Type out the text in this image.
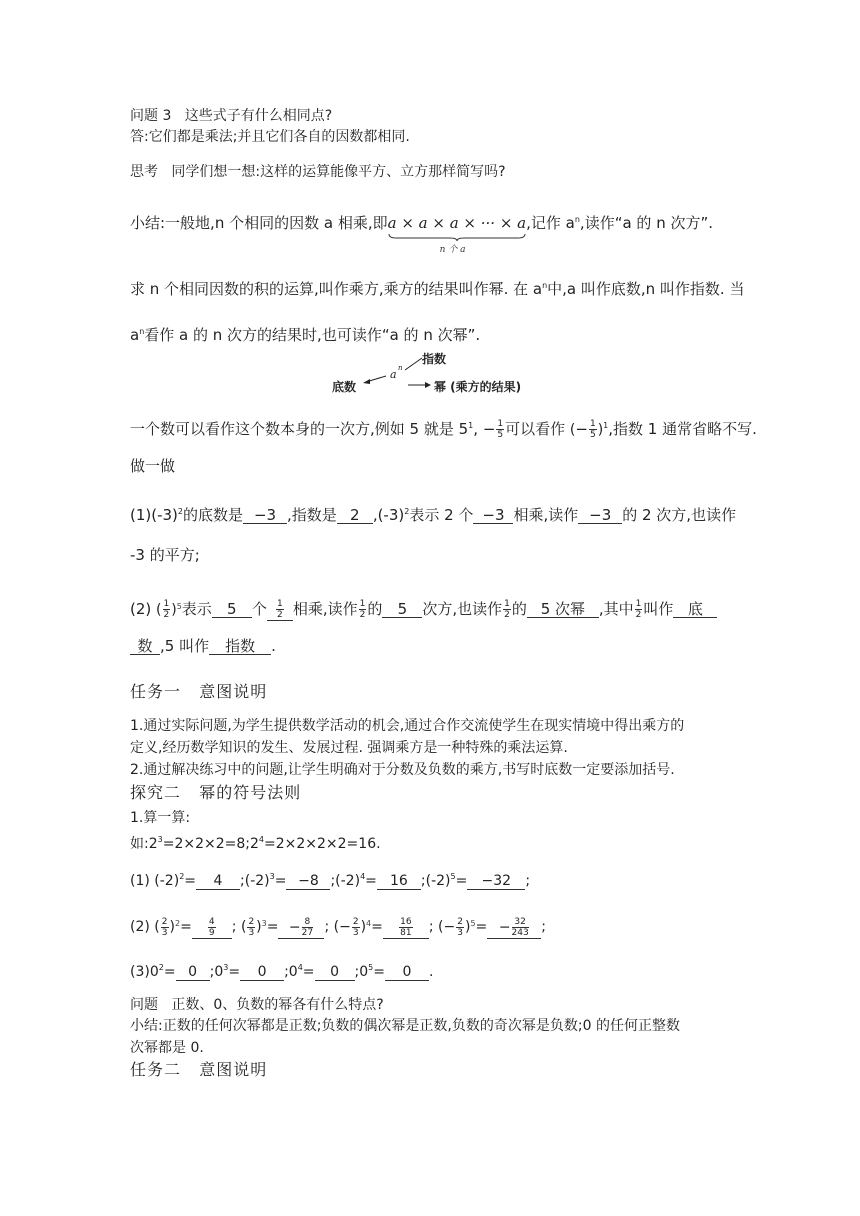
问题 3 这些式子有什么相同点?
答:它们都是乘法;并且它们各自的因数都相同.
思考 同学们想一想:这样的运算能像平方、立方那样简写吗?
小结:一般地,n 个相同的因数 a 相乘,即a × a × a × ··· × a
n 个 a
,记作 $a^n$,读作“a 的 n 次方”.
求 n 个相同因数的积的运算,叫作乘方,乘方的结果叫作幂. 在 $a^n$中,a 叫作底数,n 叫作指数. 当
$a^n$看作 a 的 n 次方的结果时,也可读作“a 的 n 次幂”.
指数
a n
底数	幂 (乘方的结果)
一个数可以看作这个数本身的一次方,例如 5 就是 $5^1$, − $\frac{1}{5}$ 可以看作 (− $\frac{1}{5} )^1$,指数 1 通常省略不写.
做一做
$(1)(-3)^2$的底数是 −3 ,指数是 2 $,(-3)^2$表示 2 个 −3 相乘,读作 −3 的 2 次方,也读作
-3 的平方;
(2) ( $\frac{1}{2} )^5$表示 5 个 $\frac{1}{2}$ 相乘,读作 $\frac{1}{2}$ 的 5 次方,也读作 $\frac{1}{2}$ 的 5 次幂 ,其中 $\frac{1}{2}$ 叫作 底
数 ,5 叫作 指数 .
任务一 意图说明
1.通过实际问题,为学生提供数学活动的机会,通过合作交流使学生在现实情境中得出乘方的
定义,经历数学知识的发生、发展过程. 强调乘方是一种特殊的乘法运算.
2.通过解决练习中的问题,让学生明确对于分数及负数的乘方,书写时底数一定要添加括号.
探究二 幂的符号法则
1.算一算:
如$:2^3=2\times 2\times 2=8;2^4=2\times 2\times 2\times 2=16$.
(1) $(-2)^2= 4$ $;(-2)^3= -8$ $;(-2)^4= 16$ $;(-2)^5= -32$ ;
(2) ( $\frac{2}{3} )^2= \frac{4}{9}$ ; ( $\frac{2}{3} )^3= - \frac{8}{27}$ ; (− $\frac{2}{3} )^4= \frac{16}{81}$ ; (− $\frac{2}{3} )^5= - \frac{32}{243}$ ;
$(3)0^2= 0$ $;0^3= 0$ $;0^4= 0$ $;0^5= 0$ .
问题 正数、0、负数的幂各有什么特点?
小结:正数的任何次幂都是正数;负数的偶次幂是正数,负数的奇次幂是负数;0 的任何正整数
次幂都是 0.
任务二 意图说明
